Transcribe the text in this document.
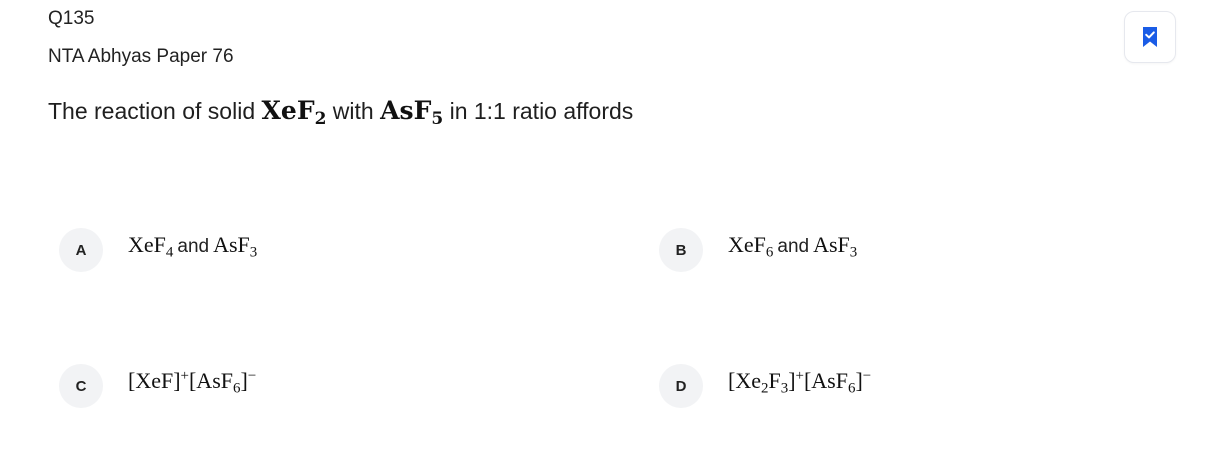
Q135
NTA Abhyas Paper 76
The reaction of solid XeF$_2$ with AsF$_5$ in 1:1 ratio affords
A	XeF$_4$ and AsF$_3$	B	XeF$_6$ and AsF$_3$
C	[XeF]+[AsF$_6$]−
D	$[Xe_2F_3]^+[AsF_6]^-$
